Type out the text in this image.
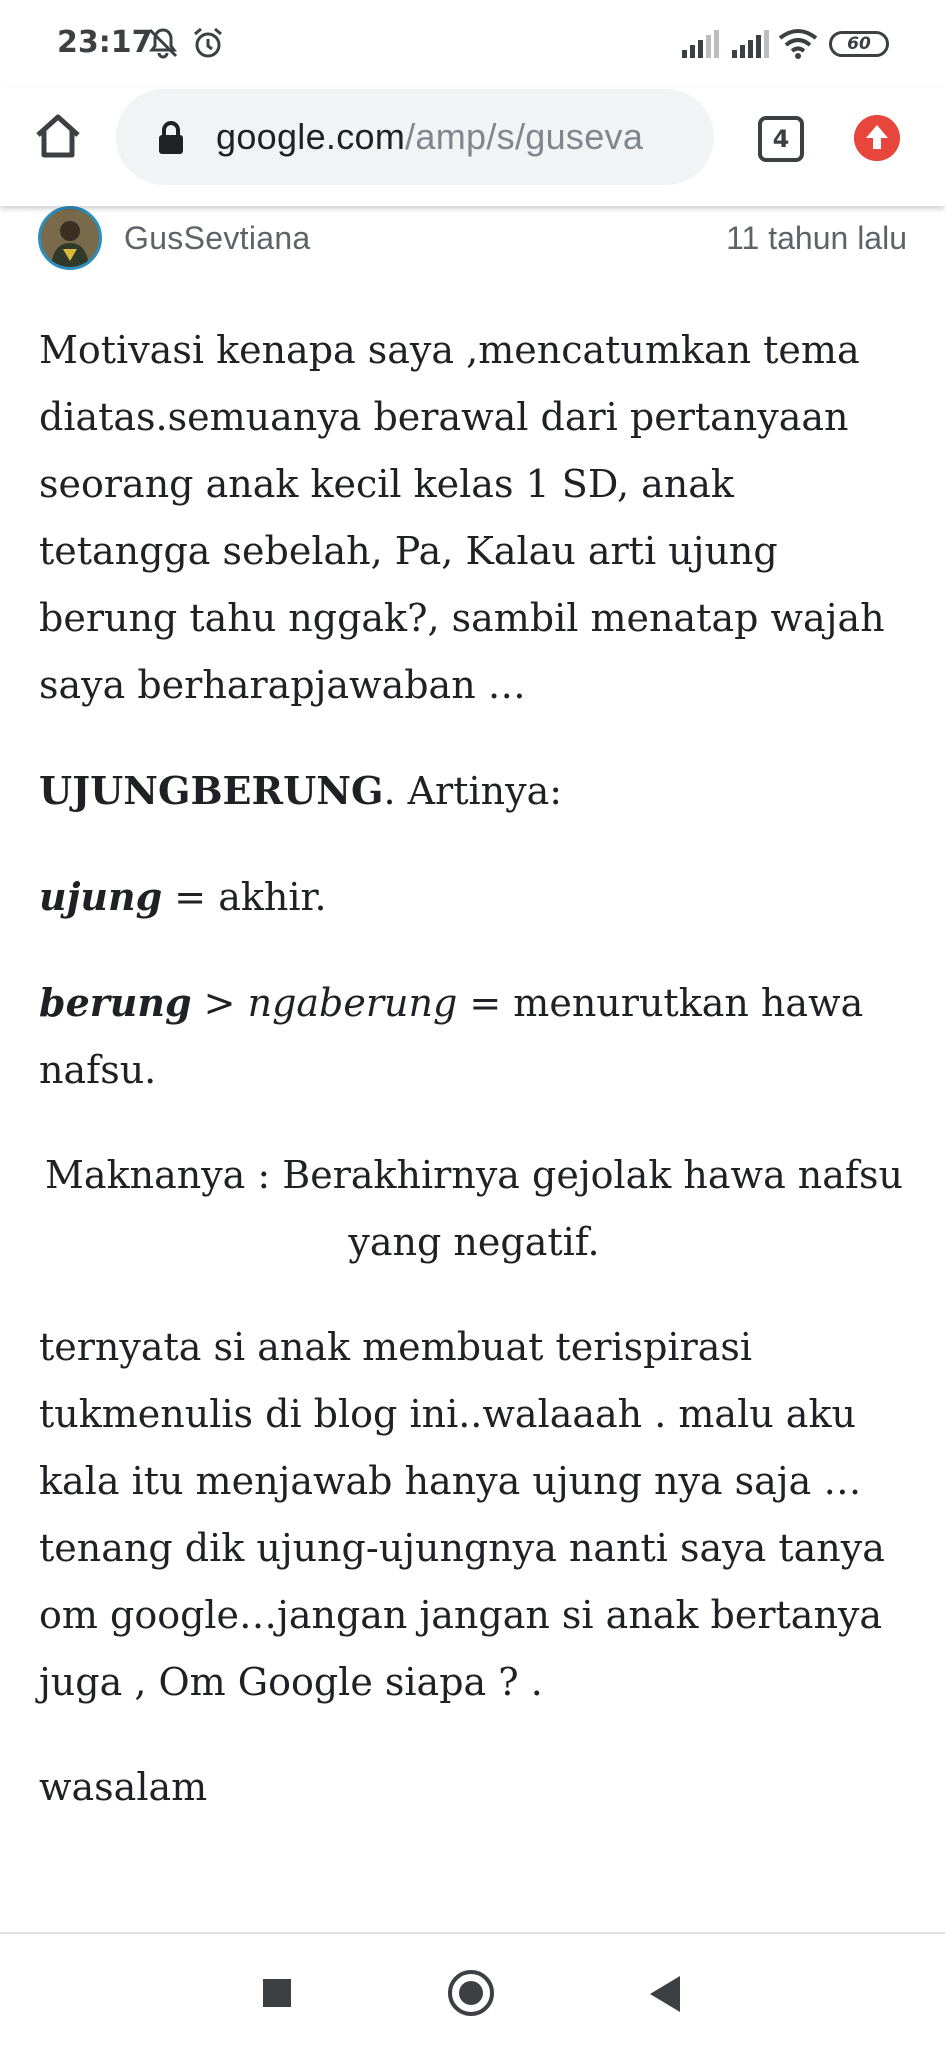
23:17	60
google.com/amp/s/guseva	4
GusSevtiana	11 tahun lalu

Motivasi kenapa saya ,mencatumkan tema diatas.semuanya berawal dari pertanyaan seorang anak kecil kelas 1 SD, anak tetangga sebelah, Pa, Kalau arti ujung berung tahu nggak?, sambil menatap wajah saya berharapjawaban …

UJUNGBERUNG. Artinya:

ujung = akhir.

berung > ngaberung = menurutkan hawa nafsu.

Maknanya : Berakhirnya gejolak hawa nafsu yang negatif.

ternyata si anak membuat terispirasi tukmenulis di blog ini..walaaah . malu aku kala itu menjawab hanya ujung nya saja …tenang dik ujung-ujungnya nanti saya tanya om google…jangan jangan si anak bertanya juga , Om Google siapa ? .

wasalam
